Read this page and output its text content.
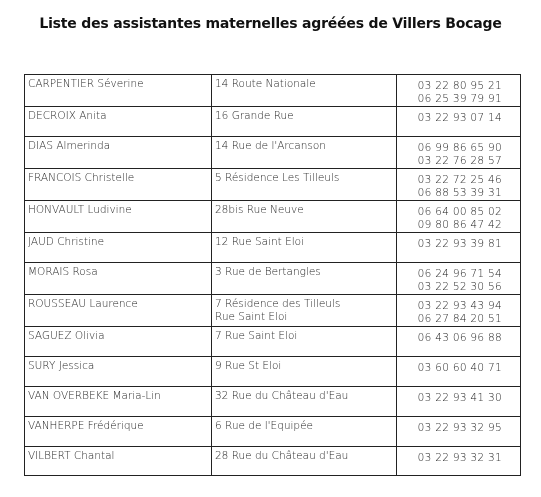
Liste des assistantes maternelles agréées de Villers Bocage
CARPENTIER Séverine	14 Route Nationale	03 22 80 95 21
06 25 39 79 91

DECROIX Anita	16 Grande Rue	03 22 93 07 14

DIAS Almerinda	14 Rue de l'Arcanson	06 99 86 65 90
03 22 76 28 57

FRANCOIS Christelle	5 Résidence Les Tilleuls	03 22 72 25 46
06 88 53 39 31

HONVAULT Ludivine	28bis Rue Neuve	06 64 00 85 02
09 80 86 47 42

JAUD Christine	12 Rue Saint Eloi	03 22 93 39 81

MORAIS Rosa	3 Rue de Bertangles	06 24 96 71 54
03 22 52 30 56

ROUSSEAU Laurence	7 Résidence des Tilleuls
Rue Saint Eloi	03 22 93 43 94
06 27 84 20 51

SAGUEZ Olivia	7 Rue Saint Eloi	06 43 06 96 88

SURY Jessica	9 Rue St Eloi	03 60 60 40 71

VAN OVERBEKE Maria-Lin	32 Rue du Château d'Eau	03 22 93 41 30

VANHERPE Frédérique	6 Rue de l'Equipée	03 22 93 32 95

VILBERT Chantal	28 Rue du Château d'Eau	03 22 93 32 31
